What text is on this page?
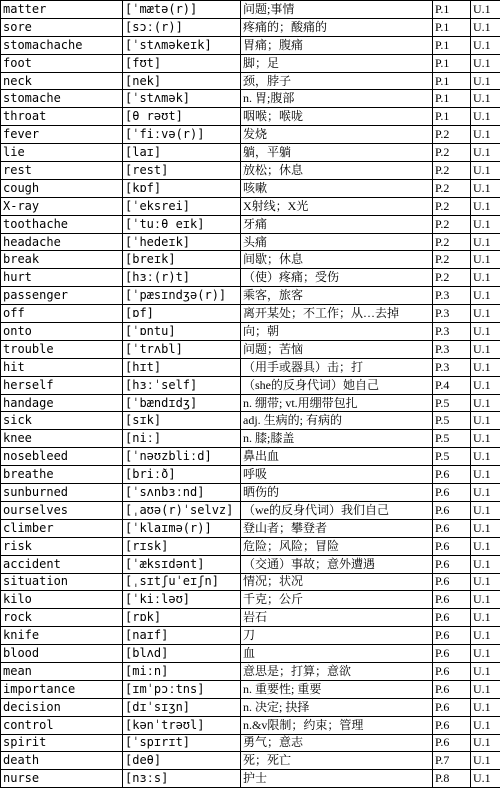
matter	[ˈmætə(r)]	问题;事情	P.1	U.1
sore	[sɔː(r)]	疼痛的；酸痛的	P.1	U.1
stomachache	[ˈstʌməkeɪk]	胃痛；腹痛	P.1	U.1
foot	[fʊt]	脚；足	P.1	U.1
neck	[nek]	颈，脖子	P.1	U.1
stomache	[ˈstʌmək]	n. 胃;腹部	P.1	U.1
throat	[θ rəʊt]	咽喉；喉咙	P.1	U.1
fever	[ˈfiːvə(r)]	发烧	P.2	U.1
lie	[laɪ]	躺，平躺	P.2	U.1
rest	[rest]	放松；休息	P.2	U.1
cough	[kɒf]	咳嗽	P.2	U.1
X-ray	[ˈeksrei]	X射线；X光	P.2	U.1
toothache	[ˈtuːθ eɪk]	牙痛	P.2	U.1
headache	[ˈhedeɪk]	头痛	P.2	U.1
break	[breɪk]	间歇；休息	P.2	U.1
hurt	[hɜː(r)t]	（使）疼痛；受伤	P.2	U.1
passenger	[ˈpæsɪndʒə(r)]	乘客，旅客	P.3	U.1
off	[ɒf]	离开某处；不工作；从…去掉	P.3	U.1
onto	[ˈɒntu]	向；朝	P.3	U.1
trouble	[ˈtrʌbl]	问题；苦恼	P.3	U.1
hit	[hɪt]	（用手或器具）击；打	P.3	U.1
herself	[hɜːˈself]	（she的反身代词）她自己	P.4	U.1
handage	[ˈbændɪdʒ]	n. 绷带; vt.用绷带包扎	P.5	U.1
sick	[sɪk]	adj. 生病的; 有病的	P.5	U.1
knee	[niː]	n. 膝;膝盖	P.5	U.1
nosebleed	[ˈnəʊzbliːd]	鼻出血	P.5	U.1
breathe	[briːð]	呼吸	P.6	U.1
sunburned	[ˈsʌnbɜːnd]	晒伤的	P.6	U.1
ourselves	[ˌaʊə(r)ˈselvz]	（we的反身代词）我们自己	P.6	U.1
climber	[ˈklaɪmə(r)]	登山者；攀登者	P.6	U.1
risk	[rɪsk]	危险；风险；冒险	P.6	U.1
accident	[ˈæksɪdənt]	（交通）事故；意外遭遇	P.6	U.1
situation	[ˌsɪtʃuˈeɪʃn]	情况；状况	P.6	U.1
kilo	[ˈkiːləʊ]	千克；公斤	P.6	U.1
rock	[rɒk]	岩石	P.6	U.1
knife	[naɪf]	刀	P.6	U.1
blood	[blʌd]	血	P.6	U.1
mean	[miːn]	意思是；打算；意欲	P.6	U.1
importance	[ɪmˈpɔːtns]	n. 重要性; 重要	P.6	U.1
decision	[dɪˈsɪʒn]	n. 决定; 抉择	P.6	U.1
control	[kənˈtrəʊl]	n.&v限制；约束；管理	P.6	U.1
spirit	[ˈspɪrɪt]	勇气；意志	P.6	U.1
death	[deθ]	死；死亡	P.7	U.1
nurse	[nɜːs]	护士	P.8	U.1
